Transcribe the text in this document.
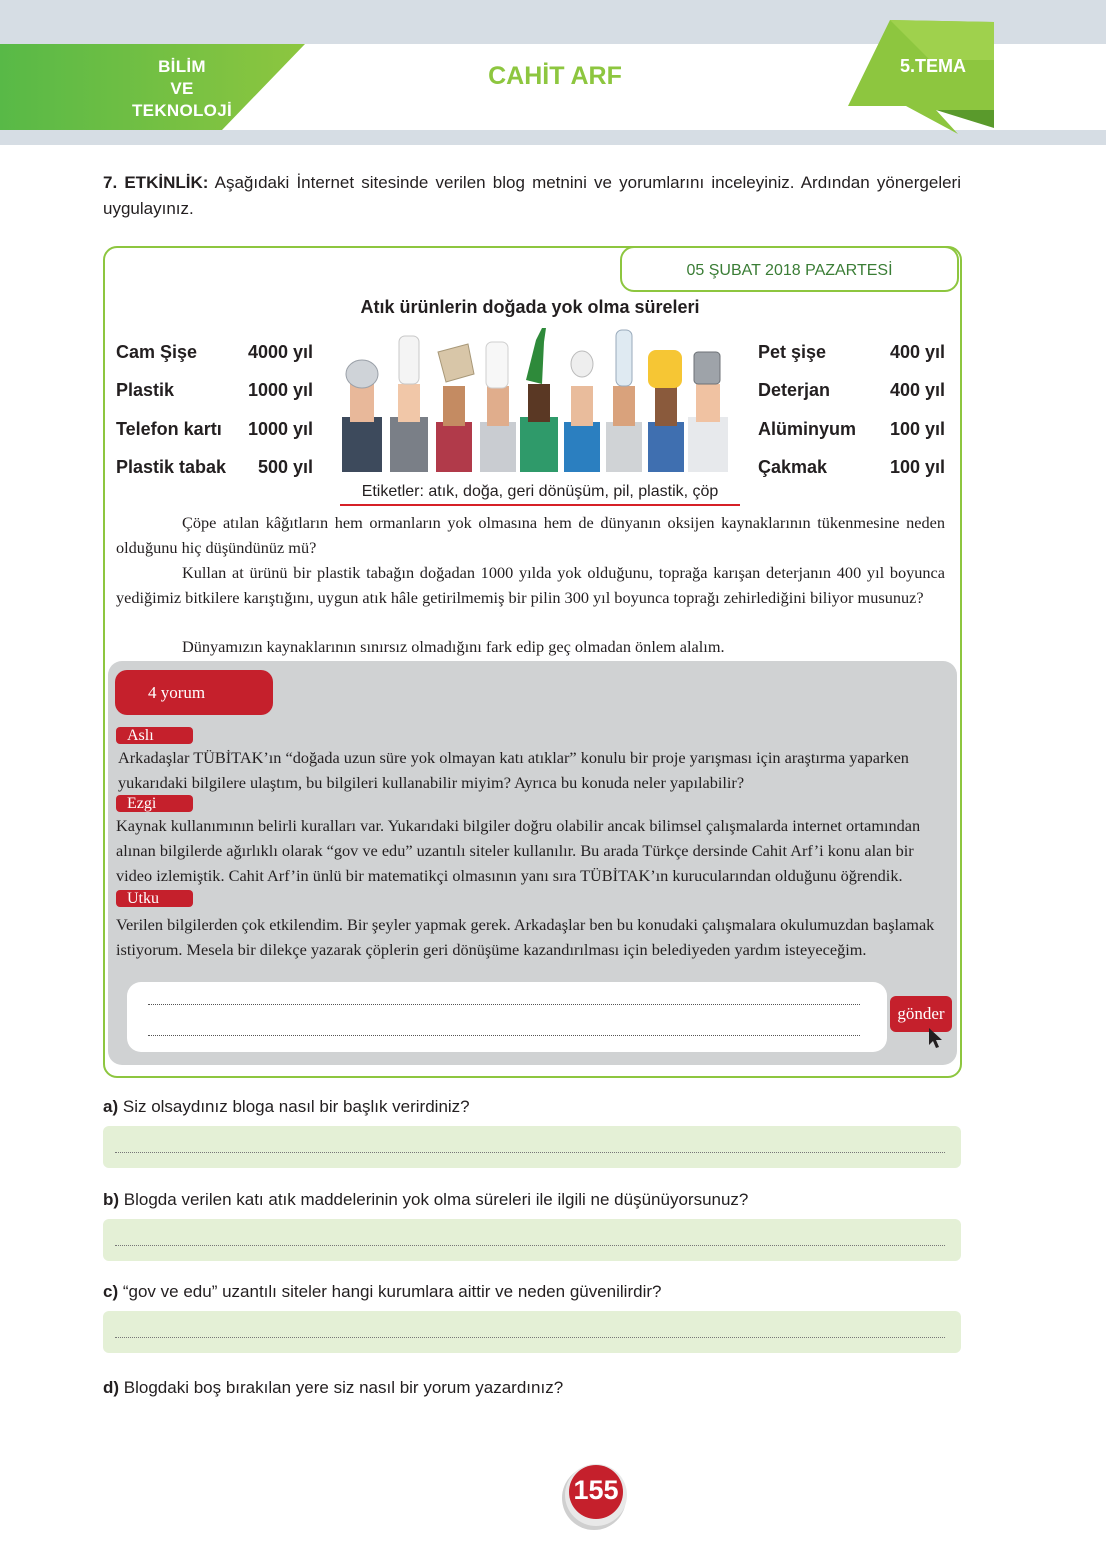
BİLİM
VE
TEKNOLOJİ
CAHİT ARF	5.TEMA
7. ETKİNLİK: Aşağıdaki İnternet sitesinde verilen blog metnini ve yorumlarını inceleyiniz. Ardından yönergeleri uygulayınız.
05 ŞUBAT 2018 PAZARTESİ
Atık ürünlerin doğada yok olma süreleri
Cam Şişe	4000 yıl
Plastik	1000 yıl
Telefon kartı	1000 yıl
Plastik tabak	500 yıl
Pet şişe	400 yıl
Deterjan	400 yıl
Alüminyum	100 yıl
Çakmak	100 yıl
Etiketler: atık, doğa, geri dönüşüm, pil, plastik, çöp
Çöpe atılan kâğıtların hem ormanların yok olmasına hem de dünyanın oksijen kaynaklarının tükenmesine neden olduğunu hiç düşündünüz mü?
Kullan at ürünü bir plastik tabağın doğadan 1000 yılda yok olduğunu, toprağa karışan deterjanın 400 yıl boyunca yediğimiz bitkilere karıştığını, uygun atık hâle getirilmemiş bir pilin 300 yıl boyunca toprağı zehirlediğini biliyor musunuz?
Dünyamızın kaynaklarının sınırsız olmadığını fark edip geç olmadan önlem alalım.
4 yorum
Aslı
Arkadaşlar TÜBİTAK’ın “doğada uzun süre yok olmayan katı atıklar” konulu bir proje yarışması için araştırma yaparken yukarıdaki bilgilere ulaştım, bu bilgileri kullanabilir miyim? Ayrıca bu konuda neler yapılabilir?
Ezgi
Kaynak kullanımının belirli kuralları var. Yukarıdaki bilgiler doğru olabilir ancak bilimsel çalışmalarda internet ortamından alınan bilgilerde ağırlıklı olarak “gov ve edu” uzantılı siteler kullanılır. Bu arada Türkçe dersinde Cahit Arf’i konu alan bir video izlemiştik. Cahit Arf’in ünlü bir matematikçi olmasının yanı sıra TÜBİTAK’ın kurucularından olduğunu öğrendik.
Utku
Verilen bilgilerden çok etkilendim. Bir şeyler yapmak gerek. Arkadaşlar ben bu konudaki çalışmalara okulumuzdan başlamak istiyorum. Mesela bir dilekçe yazarak çöplerin geri dönüşüme kazandırılması için belediyeden yardım isteyeceğim.
gönder
a) Siz olsaydınız bloga nasıl bir başlık verirdiniz?
b) Blogda verilen katı atık maddelerinin yok olma süreleri ile ilgili ne düşünüyorsunuz?
c) “gov ve edu” uzantılı siteler hangi kurumlara aittir ve neden güvenilirdir?
d) Blogdaki boş bırakılan yere siz nasıl bir yorum yazardınız?
155
